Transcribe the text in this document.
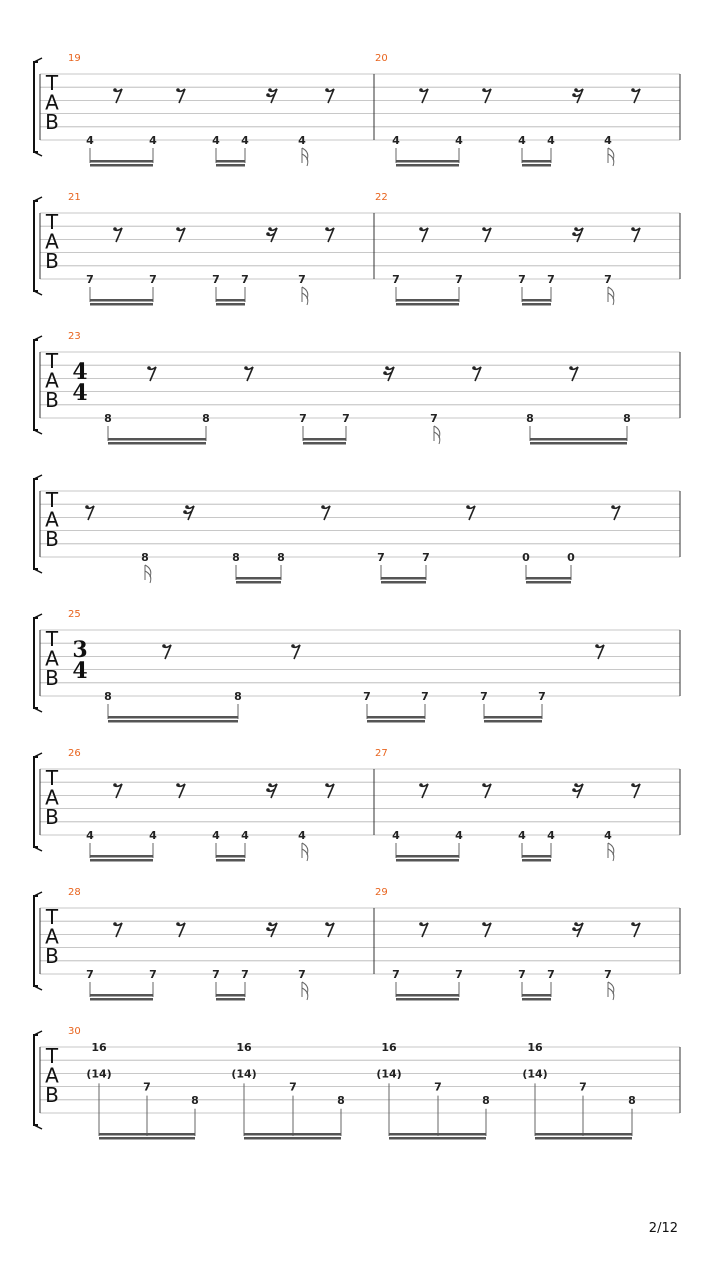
T
A
B
19
4	4	4 4	4
20
4	4	4 4	4
T
A
B
21
7	7	7 7	7
22
7	7	7 7	7
T
A
B
23
4
4
8	8	7	7	7	8	8
T
A
B
8	8	8	7	7	0	0
T
A
B
25
3
4
8	8	7	7	7	7
T
A
B
26
4	4	4 4	4
27
4	4	4 4	4
T
A
B
28
7	7	7 7	7
29
7	7	7 7	7
T
A
B
30
16
(14)
7
8
16
(14)
7
8
16
(14)
7
8
16
(14)
7
8
2/12
